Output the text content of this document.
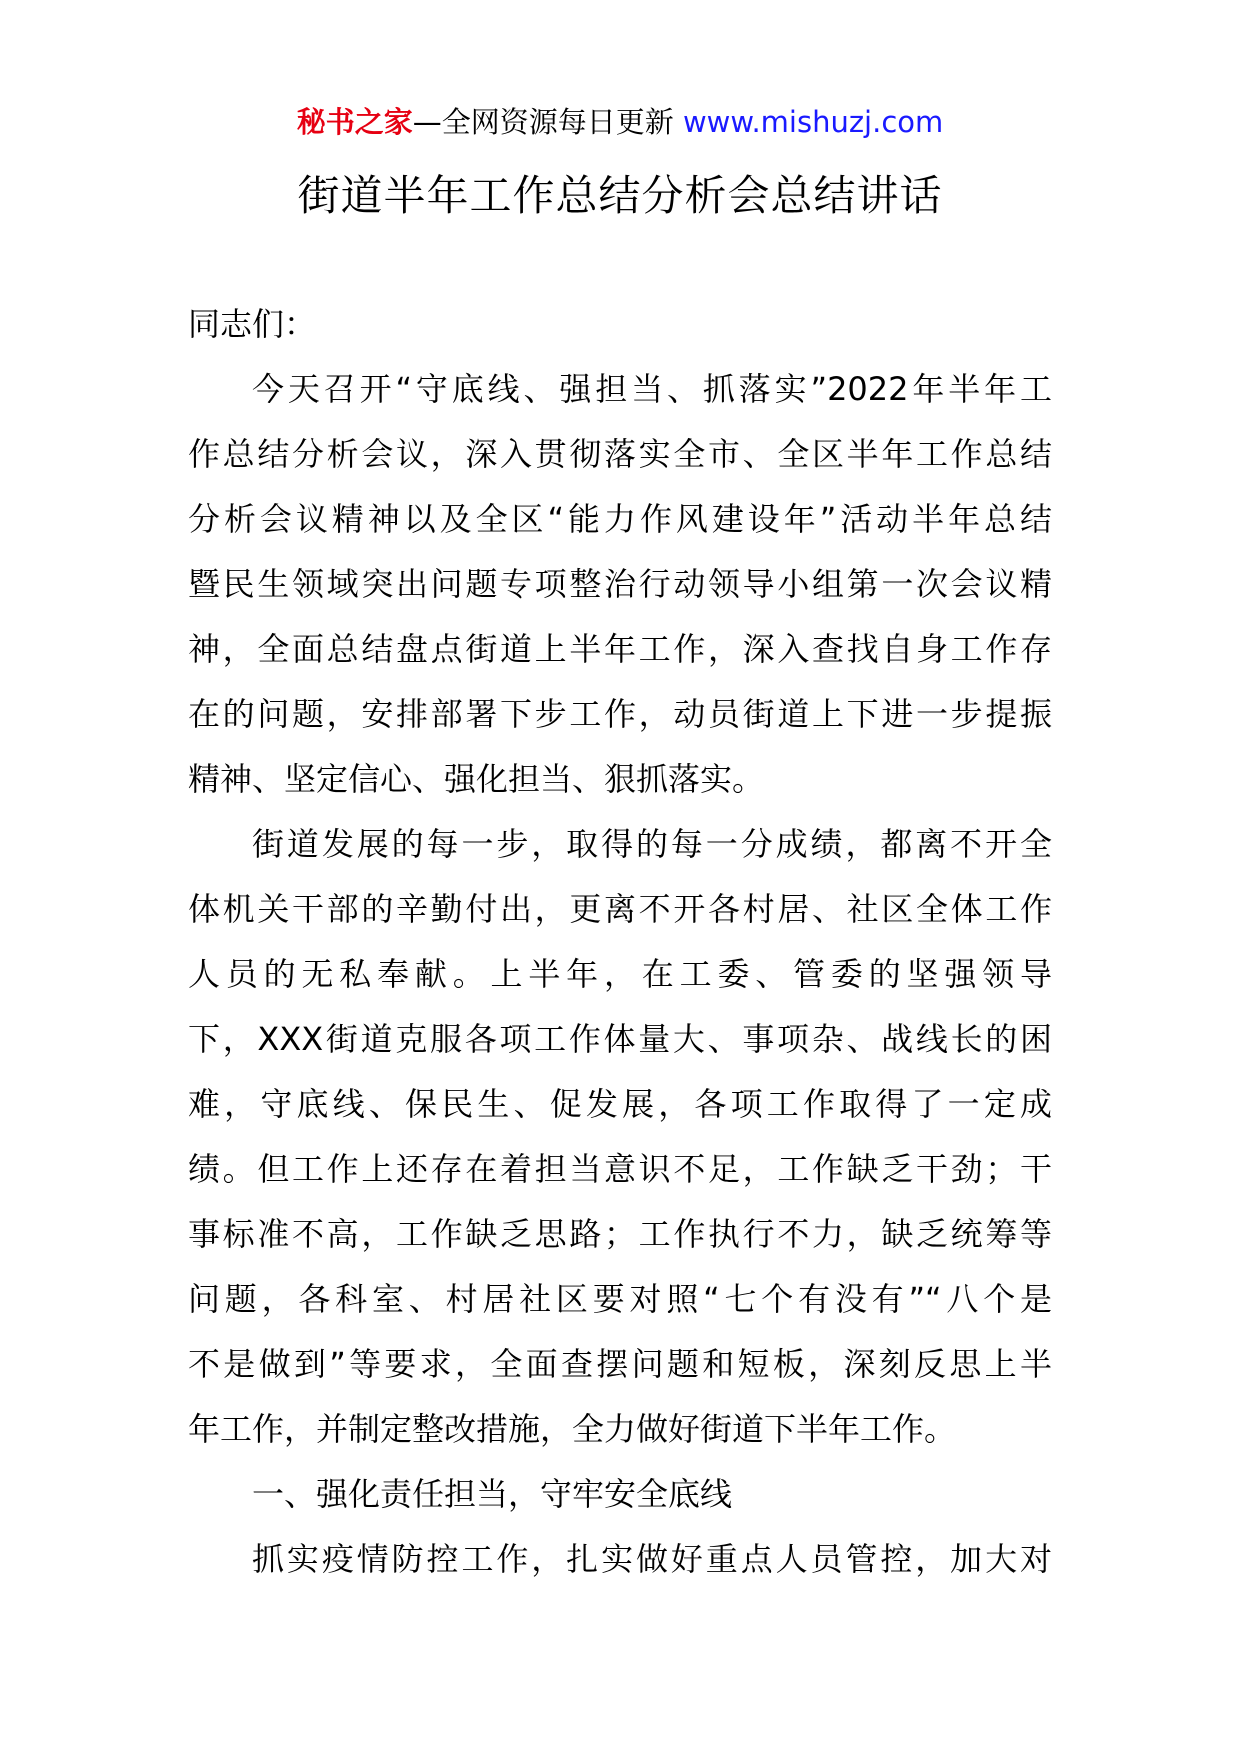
秘书之家—全网资源每日更新 www.mishuzj.com
街道半年工作总结分析会总结讲话
同志们：
今天召开“守底线、强担当、抓落实”2022年半年工
作总结分析会议，深入贯彻落实全市、全区半年工作总结
分析会议精神以及全区“能力作风建设年”活动半年总结
暨民生领域突出问题专项整治行动领导小组第一次会议精
神，全面总结盘点街道上半年工作，深入查找自身工作存
在的问题，安排部署下步工作，动员街道上下进一步提振
精神、坚定信心、强化担当、狠抓落实。
街道发展的每一步，取得的每一分成绩，都离不开全
体机关干部的辛勤付出，更离不开各村居、社区全体工作
人员的无私奉献。上半年，在工委、管委的坚强领导
下，XXX街道克服各项工作体量大、事项杂、战线长的困
难，守底线、保民生、促发展，各项工作取得了一定成
绩。但工作上还存在着担当意识不足，工作缺乏干劲；干
事标准不高，工作缺乏思路；工作执行不力，缺乏统筹等
问题，各科室、村居社区要对照“七个有没有”“八个是
不是做到”等要求，全面查摆问题和短板，深刻反思上半
年工作，并制定整改措施，全力做好街道下半年工作。
一、强化责任担当，守牢安全底线
抓实疫情防控工作，扎实做好重点人员管控，加大对
